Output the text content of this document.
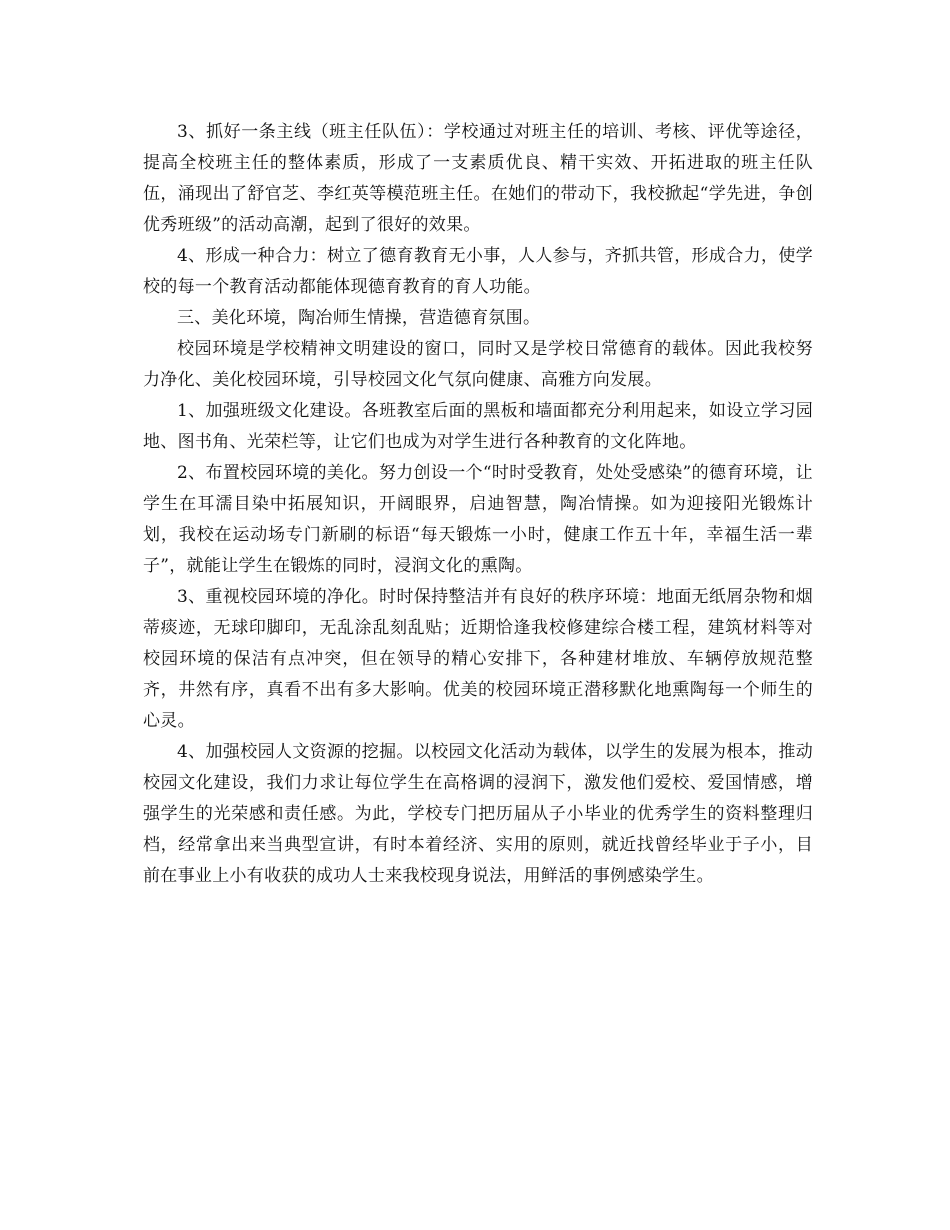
3、抓好一条主线（班主任队伍）：学校通过对班主任的培训、考核、评优等途径，提高全校班主任的整体素质，形成了一支素质优良、精干实效、开拓进取的班主任队伍，涌现出了舒官芝、李红英等模范班主任。在她们的带动下，我校掀起“学先进，争创优秀班级”的活动高潮，起到了很好的效果。

4、形成一种合力：树立了德育教育无小事，人人参与，齐抓共管，形成合力，使学校的每一个教育活动都能体现德育教育的育人功能。

三、美化环境，陶冶师生情操，营造德育氛围。

校园环境是学校精神文明建设的窗口，同时又是学校日常德育的载体。因此我校努力净化、美化校园环境，引导校园文化气氛向健康、高雅方向发展。

1、加强班级文化建设。各班教室后面的黑板和墙面都充分利用起来，如设立学习园地、图书角、光荣栏等，让它们也成为对学生进行各种教育的文化阵地。

2、布置校园环境的美化。努力创设一个“时时受教育，处处受感染”的德育环境，让学生在耳濡目染中拓展知识，开阔眼界，启迪智慧，陶冶情操。如为迎接阳光锻炼计划，我校在运动场专门新刷的标语“每天锻炼一小时，健康工作五十年，幸福生活一辈子”，就能让学生在锻炼的同时，浸润文化的熏陶。

3、重视校园环境的净化。时时保持整洁并有良好的秩序环境：地面无纸屑杂物和烟蒂痰迹，无球印脚印，无乱涂乱刻乱贴；近期恰逢我校修建综合楼工程，建筑材料等对校园环境的保洁有点冲突，但在领导的精心安排下，各种建材堆放、车辆停放规范整齐，井然有序，真看不出有多大影响。优美的校园环境正潜移默化地熏陶每一个师生的心灵。

4、加强校园人文资源的挖掘。以校园文化活动为载体，以学生的发展为根本，推动校园文化建设，我们力求让每位学生在高格调的浸润下，激发他们爱校、爱国情感，增强学生的光荣感和责任感。为此，学校专门把历届从子小毕业的优秀学生的资料整理归档，经常拿出来当典型宣讲，有时本着经济、实用的原则，就近找曾经毕业于子小，目前在事业上小有收获的成功人士来我校现身说法，用鲜活的事例感染学生。
